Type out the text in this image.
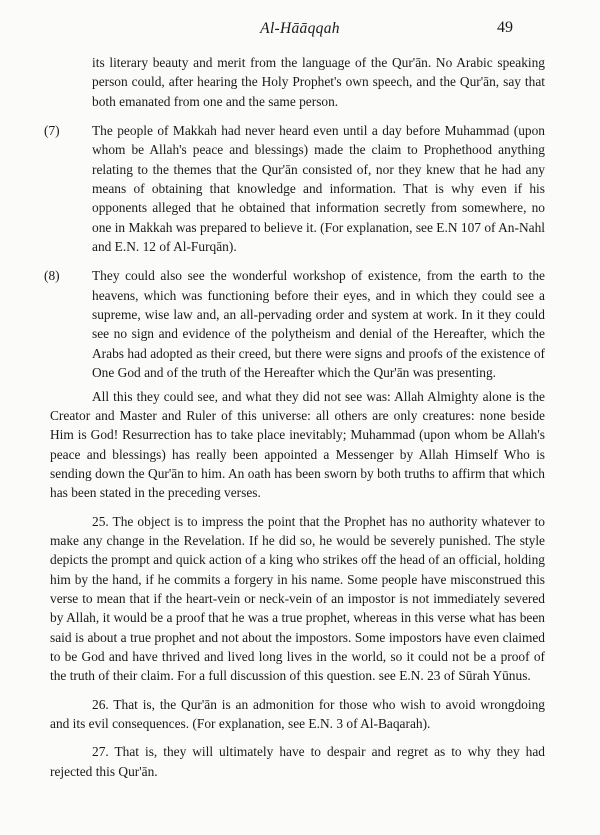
Al-Hāāqqah	49

its literary beauty and merit from the language of the Qur'ān. No Arabic speaking person could, after hearing the Holy Prophet's own speech, and the Qur'ān, say that both emanated from one and the same person.

(7) The people of Makkah had never heard even until a day before Muhammad (upon whom be Allah's peace and blessings) made the claim to Prophethood anything relating to the themes that the Qur'ān consisted of, nor they knew that he had any means of obtaining that knowledge and information. That is why even if his opponents alleged that he obtained that information secretly from somewhere, no one in Makkah was prepared to believe it. (For explanation, see E.N 107 of An-Nahl and E.N. 12 of Al-Furqān).

(8) They could also see the wonderful workshop of existence, from the earth to the heavens, which was functioning before their eyes, and in which they could see a supreme, wise law and, an all-pervading order and system at work. In it they could see no sign and evidence of the polytheism and denial of the Hereafter, which the Arabs had adopted as their creed, but there were signs and proofs of the existence of One God and of the truth of the Hereafter which the Qur'ān was presenting.

All this they could see, and what they did not see was: Allah Almighty alone is the Creator and Master and Ruler of this universe: all others are only creatures: none beside Him is God! Resurrection has to take place inevitably; Muhammad (upon whom be Allah's peace and blessings) has really been appointed a Messenger by Allah Himself Who is sending down the Qur'ān to him. An oath has been sworn by both truths to affirm that which has been stated in the preceding verses.

25. The object is to impress the point that the Prophet has no authority whatever to make any change in the Revelation. If he did so, he would be severely punished. The style depicts the prompt and quick action of a king who strikes off the head of an official, holding him by the hand, if he commits a forgery in his name. Some people have misconstrued this verse to mean that if the heart-vein or neck-vein of an impostor is not immediately severed by Allah, it would be a proof that he was a true prophet, whereas in this verse what has been said is about a true prophet and not about the impostors. Some impostors have even claimed to be God and have thrived and lived long lives in the world, so it could not be a proof of the truth of their claim. For a full discussion of this question. see E.N. 23 of Sūrah Yūnus.

26. That is, the Qur'ān is an admonition for those who wish to avoid wrongdoing and its evil consequences. (For explanation, see E.N. 3 of Al-Baqarah).

27. That is, they will ultimately have to despair and regret as to why they had rejected this Qur'ān.
